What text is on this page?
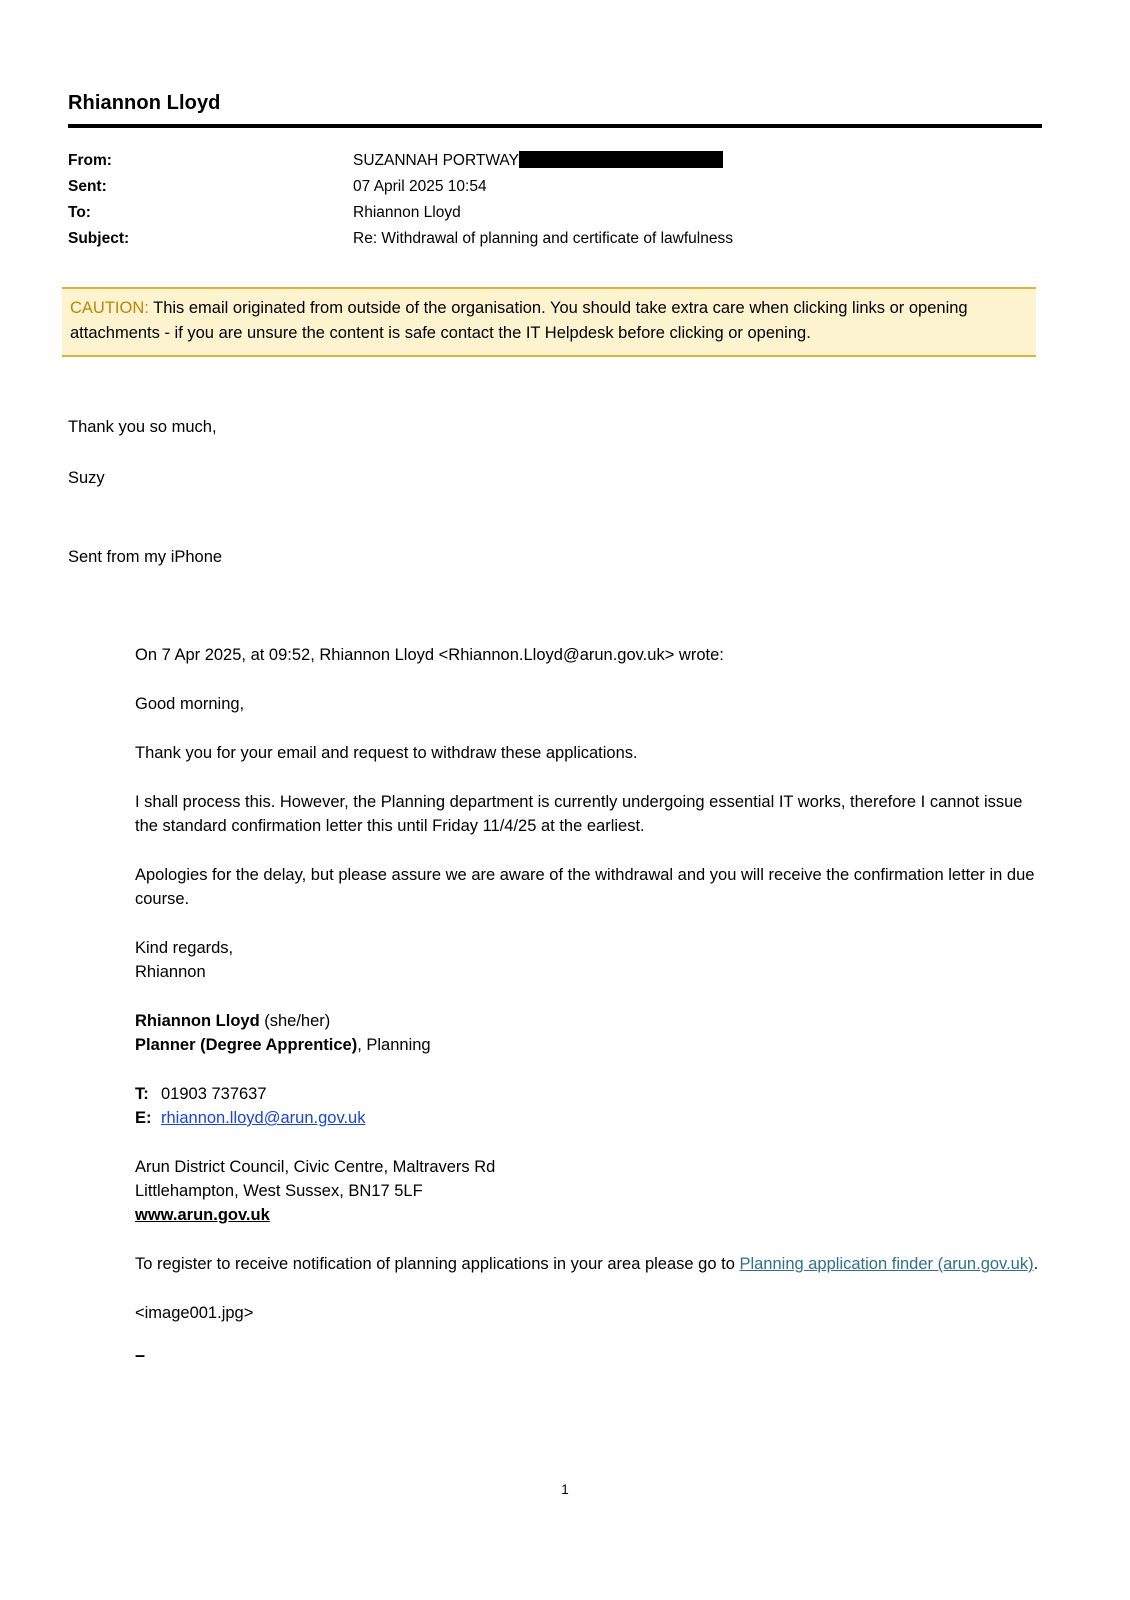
Rhiannon Lloyd
From:	SUZANNAH PORTWAY
Sent:	07 April 2025 10:54
To:	Rhiannon Lloyd
Subject:	Re: Withdrawal of planning and certificate of lawfulness
CAUTION: This email originated from outside of the organisation. You should take extra care when clicking links or opening attachments - if you are unsure the content is safe contact the IT Helpdesk before clicking or opening.
Thank you so much,
Suzy
Sent from my iPhone

On 7 Apr 2025, at 09:52, Rhiannon Lloyd <Rhiannon.Lloyd@arun.gov.uk> wrote:

Good morning,

Thank you for your email and request to withdraw these applications.

I shall process this. However, the Planning department is currently undergoing essential IT works, therefore I cannot issue the standard confirmation letter this until Friday 11/4/25 at the earliest.

Apologies for the delay, but please assure we are aware of the withdrawal and you will receive the confirmation letter in due course.

Kind regards,

Rhiannon

Rhiannon Lloyd (she/her)

Planner (Degree Apprentice), Planning

T: 01903 737637

E: rhiannon.lloyd@arun.gov.uk

Arun District Council, Civic Centre, Maltravers Rd

Littlehampton, West Sussex, BN17 5LF

www.arun.gov.uk

To register to receive notification of planning applications in your area please go to Planning application finder (arun.gov.uk).

<image001.jpg>

–

1
